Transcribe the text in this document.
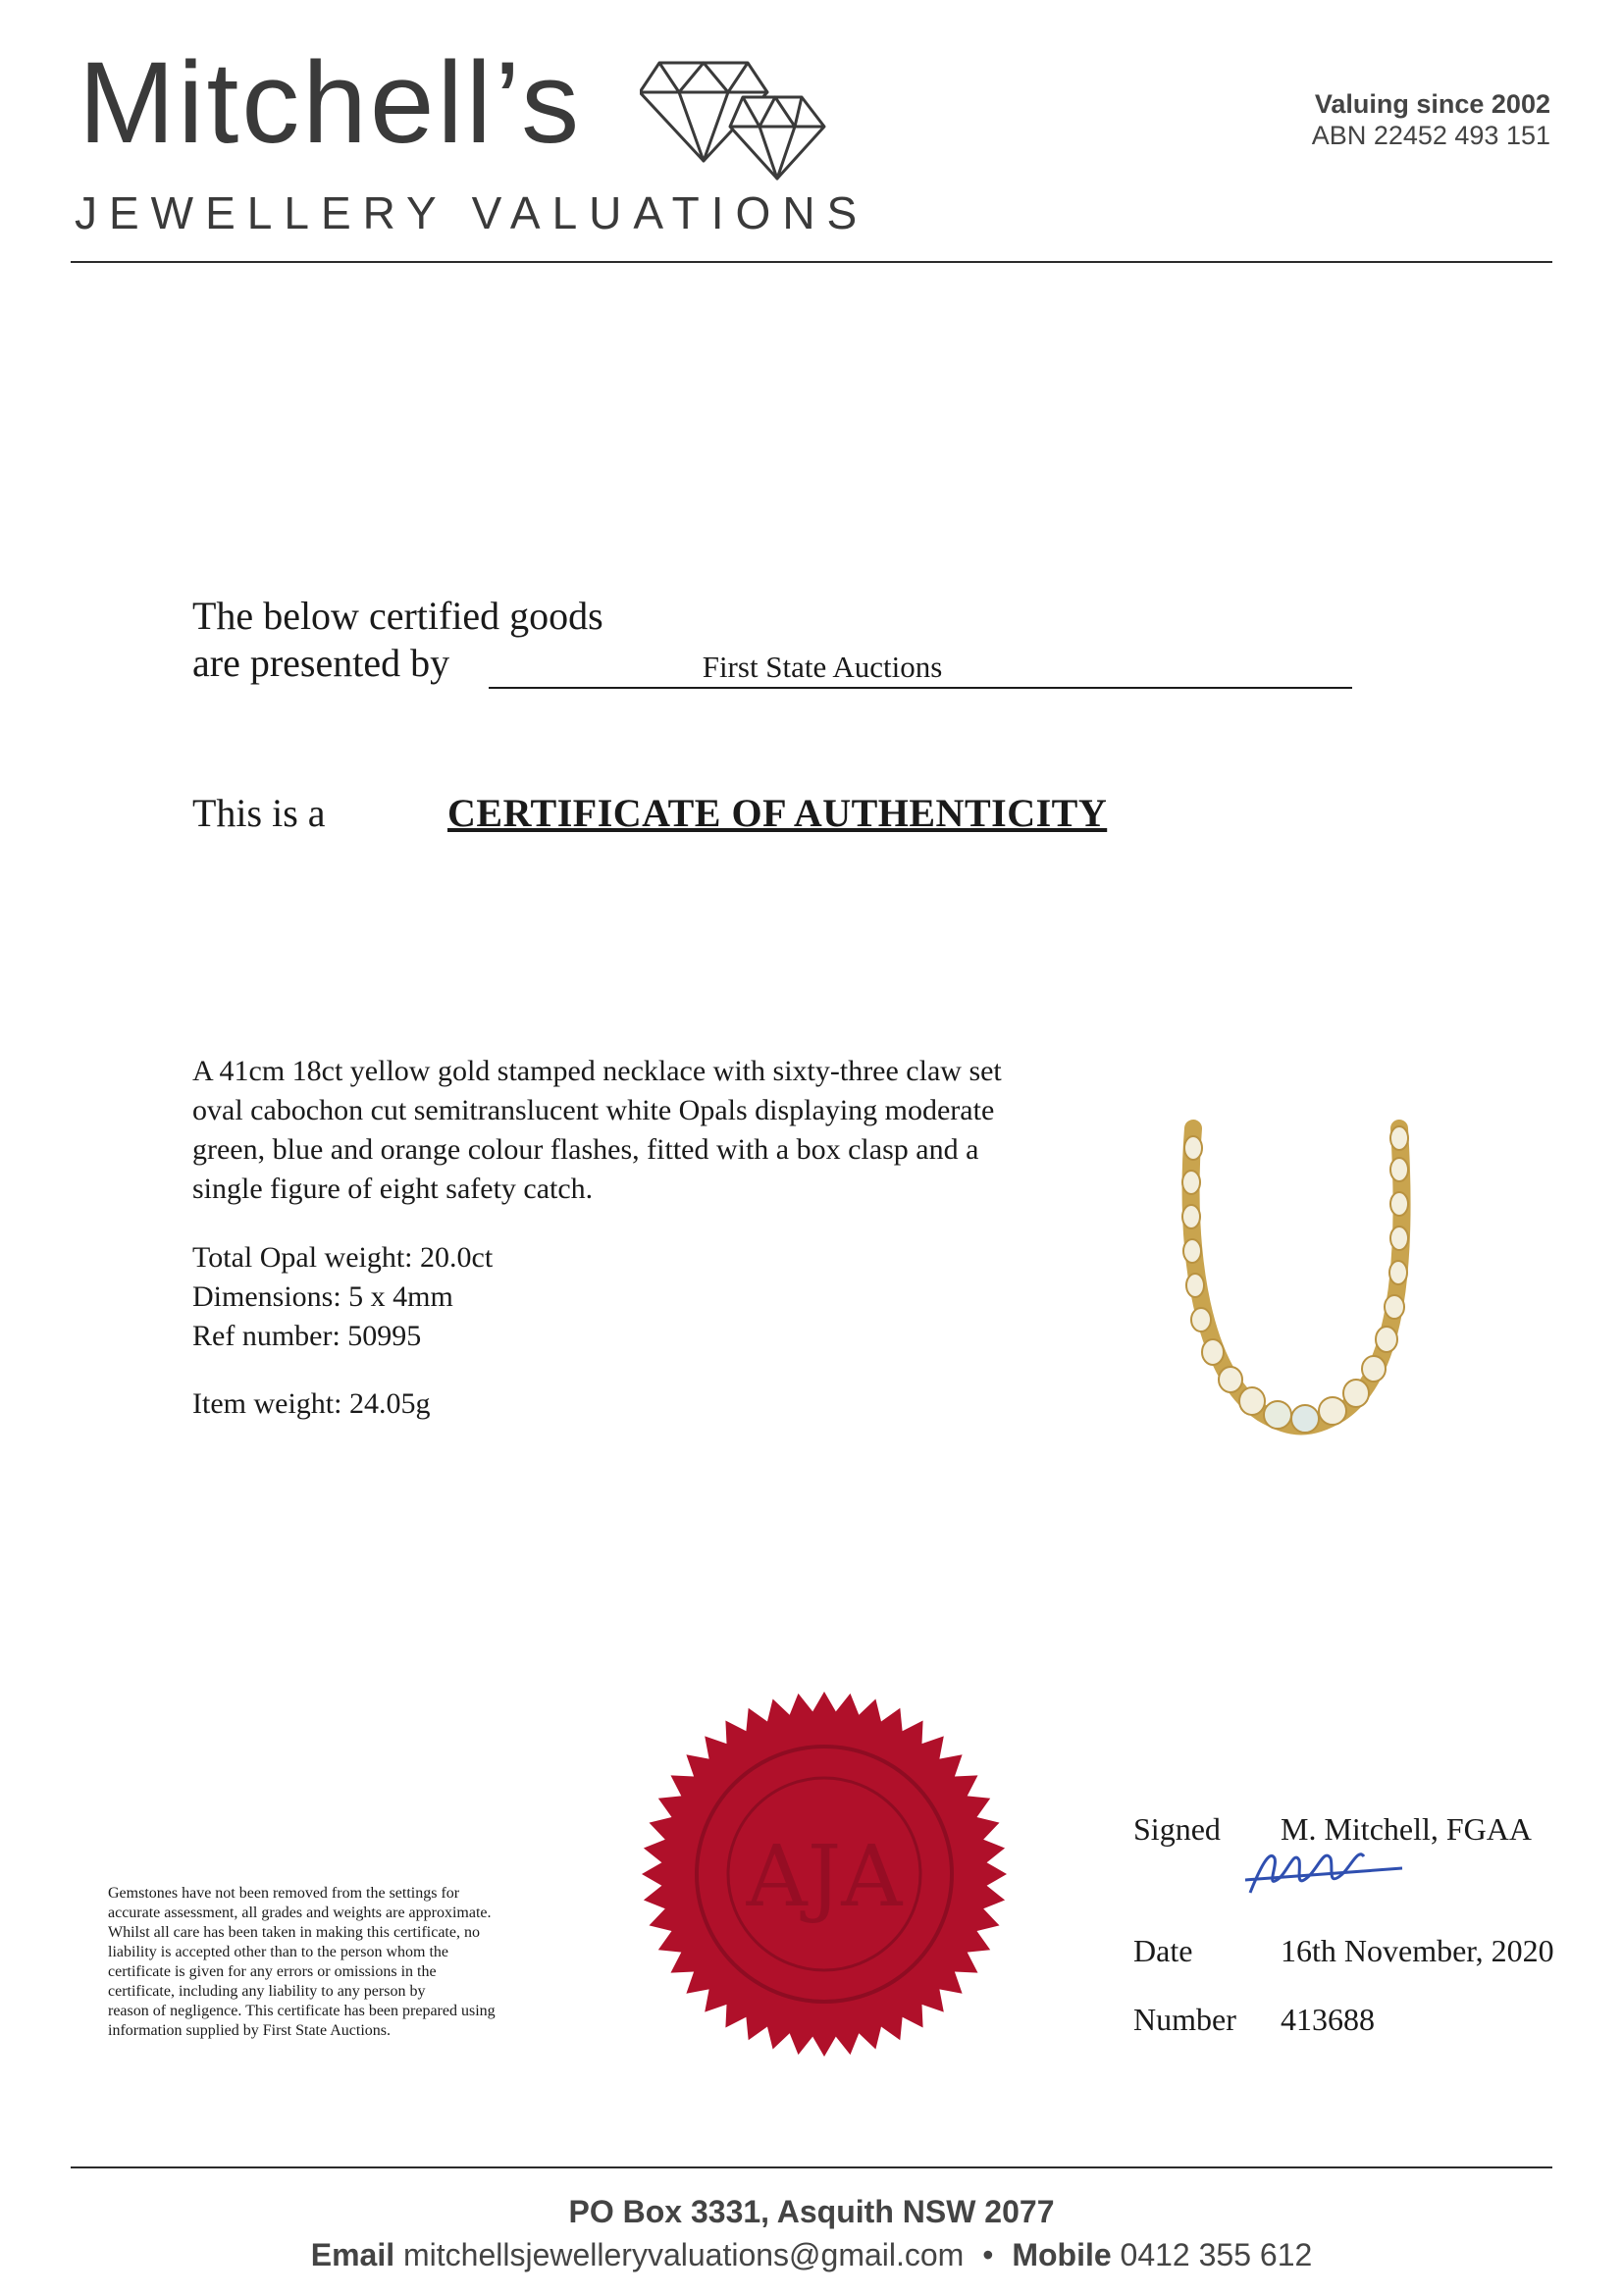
Mitchell’s
JEWELLERY VALUATIONS
Valuing since 2002
ABN 22452 493 151
The below certified goods
are presented by	First State Auctions
This is a	CERTIFICATE OF AUTHENTICITY

A 41cm 18ct yellow gold stamped necklace with sixty-three claw set

oval cabochon cut semitranslucent white Opals displaying moderate

green, blue and orange colour flashes, fitted with a box clasp and a

single figure of eight safety catch.

Total Opal weight: 20.0ct

Dimensions: 5 x 4mm

Ref number: 50995

Item weight: 24.05g
Gemstones have not been removed from the settings for
accurate assessment, all grades and weights are approximate.
Whilst all care has been taken in making this certificate, no
liability is accepted other than to the person whom the
certificate is given for any errors or omissions in the
certificate, including any liability to any person by
reason of negligence. This certificate has been prepared using
information supplied by First State Auctions.
AJA	Signed M. Mitchell, FGAA
Date	16th November, 2020
Number 413688
PO Box 3331, Asquith NSW 2077
Email mitchellsjewelleryvaluations@gmail.com • Mobile 0412 355 612
